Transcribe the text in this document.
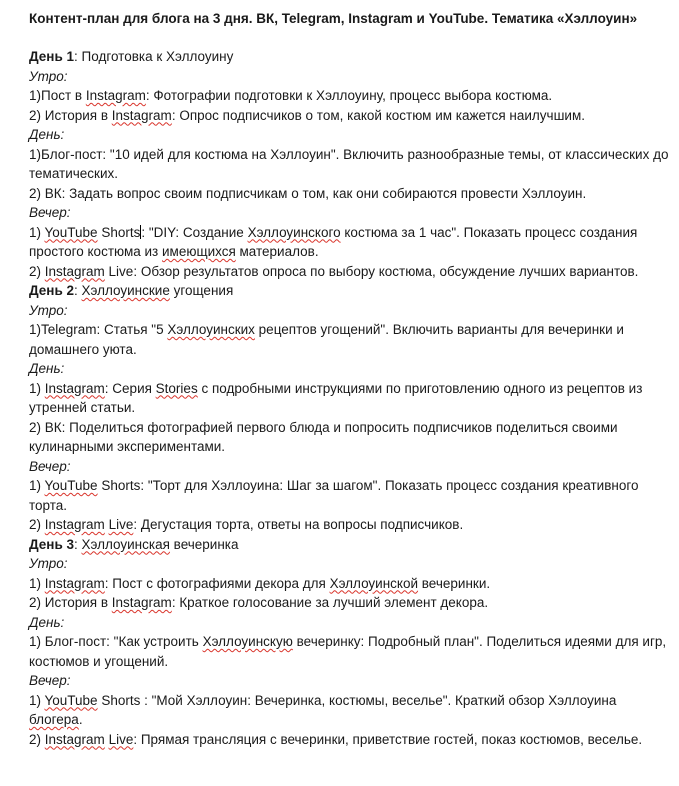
Контент-план для блога на 3 дня. ВК, Telegram, Instagram и YouTube. Тематика «Хэллоуин»

День 1: Подготовка к Хэллоуину

Утро:

1)Пост в Instagram: Фотографии подготовки к Хэллоуину, процесс выбора костюма.

2) История в Instagram: Опрос подписчиков о том, какой костюм им кажется наилучшим.

День:

1)Блог-пост: "10 идей для костюма на Хэллоуин". Включить разнообразные темы, от классических до тематических.

2) ВК: Задать вопрос своим подписчикам о том, как они собираются провести Хэллоуин.

Вечер:

1) YouTube Shorts: "DIY: Создание Хэллоуинского костюма за 1 час". Показать процесс создания простого костюма из имеющихся материалов.

2) Instagram Live: Обзор результатов опроса по выбору костюма, обсуждение лучших вариантов.

День 2: Хэллоуинские угощения

Утро:

1)Telegram: Статья "5 Хэллоуинских рецептов угощений". Включить варианты для вечеринки и домашнего уюта.

День:

1) Instagram: Серия Stories с подробными инструкциями по приготовлению одного из рецептов из утренней статьи.

2) ВК: Поделиться фотографией первого блюда и попросить подписчиков поделиться своими кулинарными экспериментами.

Вечер:

1) YouTube Shorts: "Торт для Хэллоуина: Шаг за шагом". Показать процесс создания креативного торта.

2) Instagram Live: Дегустация торта, ответы на вопросы подписчиков.

День 3: Хэллоуинская вечеринка

Утро:

1) Instagram: Пост с фотографиями декора для Хэллоуинской вечеринки.

2) История в Instagram: Краткое голосование за лучший элемент декора.

День:

1) Блог-пост: "Как устроить Хэллоуинскую вечеринку: Подробный план". Поделиться идеями для игр, костюмов и угощений.

Вечер:

1) YouTube Shorts : "Мой Хэллоуин: Вечеринка, костюмы, веселье". Краткий обзор Хэллоуина блогера.

2) Instagram Live: Прямая трансляция с вечеринки, приветствие гостей, показ костюмов, веселье.
